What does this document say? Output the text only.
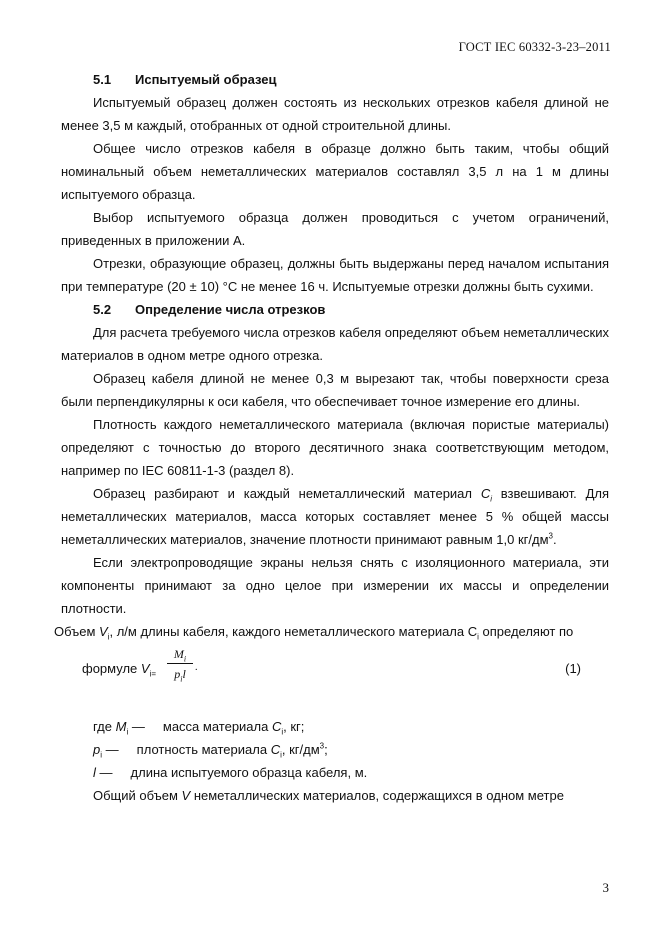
ГОСТ IEC 60332-3-23–2011
5.1	Испытуемый образец

Испытуемый образец должен состоять из нескольких отрезков кабеля длиной не менее 3,5 м каждый, отобранных от одной строительной длины.

Общее число отрезков кабеля в образце должно быть таким, чтобы общий номинальный объем неметаллических материалов составлял 3,5 л на 1 м длины испытуемого образца.

Выбор испытуемого образца должен проводиться с учетом ограничений, приведенных в приложении А.

Отрезки, образующие образец, должны быть выдержаны перед началом испытания при температуре (20 ± 10) °С не менее 16 ч. Испытуемые отрезки должны быть сухими.

5.2	Определение числа отрезков

Для расчета требуемого числа отрезков кабеля определяют объем неметаллических материалов в одном метре одного отрезка.

Образец кабеля длиной не менее 0,3 м вырезают так, чтобы поверхности среза были перпендикулярны к оси кабеля, что обеспечивает точное измерение его длины.

Плотность каждого неметаллического материала (включая пористые материалы) определяют с точностью до второго десятичного знака соответствующим методом, например по IEC 60811-1-3 (раздел 8).

Образец разбирают и каждый неметаллический материал $C_i$ взвешивают. Для неметаллических материалов, масса которых составляет менее 5 % общей массы неметаллических материалов, значение плотности принимают равным 1,0 $кг/дм^3$.

Если электропроводящие экраны нельзя снять с изоляционного материала, эти компоненты принимают за одно целое при измерении их массы и определении плотности.

Объем $V_i$, л/м длины кабеля, каждого неметаллического материала $C_i$ определяют по

формуле $V_{i=}$
$M_i$
$p_il$ .	(1)

где $M_i$ —     масса материала $C_i$, кг;

$p_i$ —     плотность материала $C_i$, $кг/дм^3$;

l —     длина испытуемого образца кабеля, м.

Общий объем V неметаллических материалов, содержащихся в одном метре

3
